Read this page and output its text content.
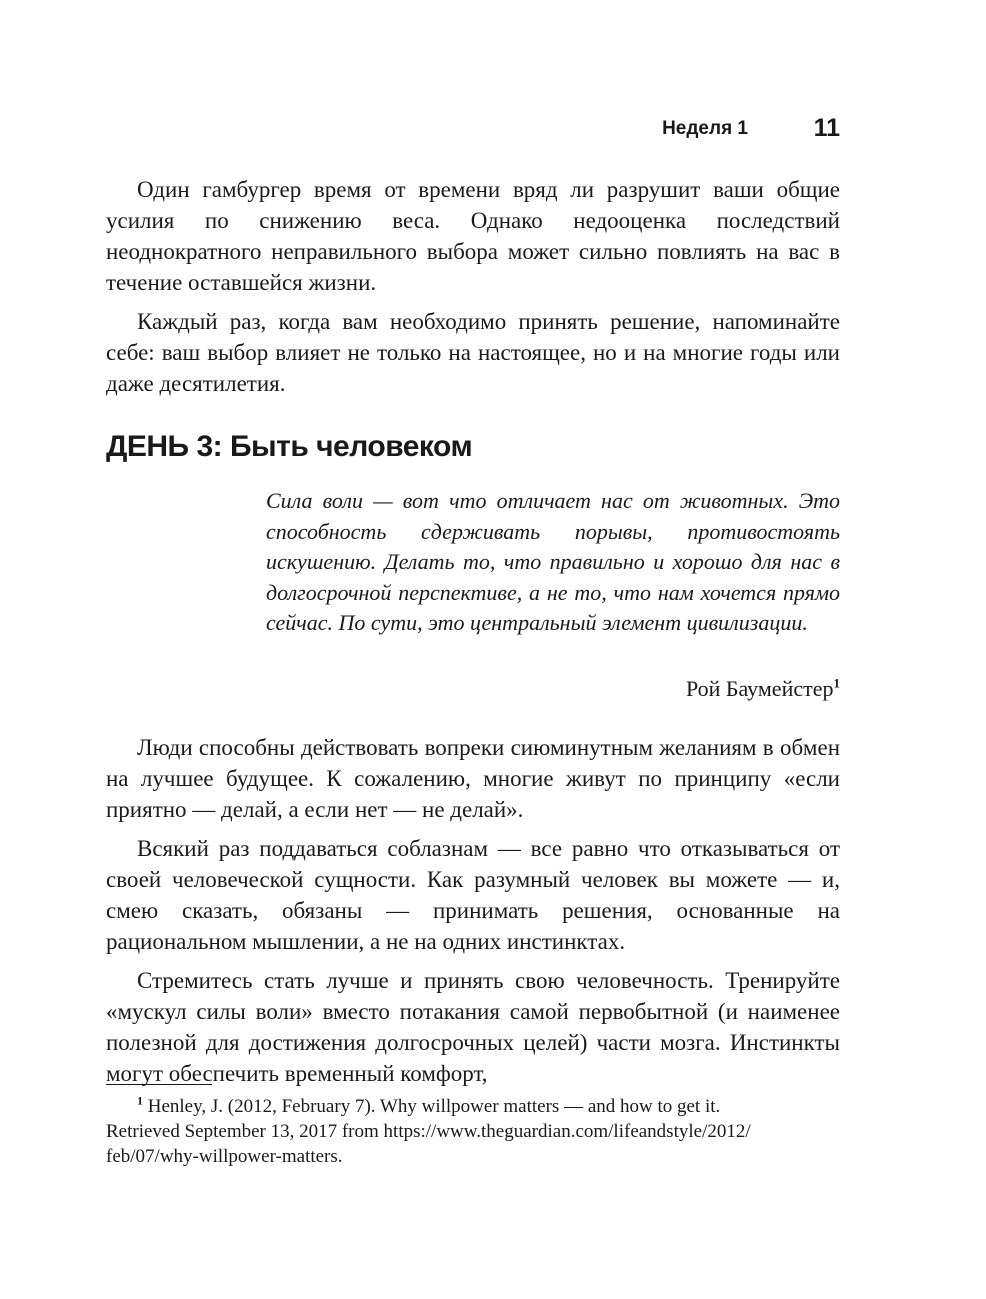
Неделя 1	11

Один гамбургер время от времени вряд ли разрушит ваши общие усилия по снижению веса. Однако недооценка последствий неоднократного неправильного выбора может сильно повлиять на вас в течение оставшейся жизни.

Каждый раз, когда вам необходимо принять решение, напоминайте себе: ваш выбор влияет не только на настоящее, но и на многие годы или даже десятилетия.

ДЕНЬ 3: Быть человеком
Сила воли — вот что отличает нас от животных. Это способность сдерживать порывы, противостоять искушению. Делать то, что правильно и хорошо для нас в долгосрочной перспективе, а не то, что нам хочется прямо сейчас. По сути, это центральный элемент цивилизации.
Рой Баумейстер$^1$

Люди способны действовать вопреки сиюминутным желаниям в обмен на лучшее будущее. К сожалению, многие живут по принципу «если приятно — делай, а если нет — не делай».

Всякий раз поддаваться соблазнам — все равно что отказываться от своей человеческой сущности. Как разумный человек вы можете — и, смею сказать, обязаны — принимать решения, основанные на рациональном мышлении, а не на одних инстинктах.

Стремитесь стать лучше и принять свою человечность. Тренируйте «мускул силы воли» вместо потакания самой первобытной (и наименее полезной для достижения долгосрочных целей) части мозга. Инстинкты могут обеспечить временный комфорт,

$^1$ Henley, J. (2012, February 7). Why willpower matters — and how to get it.
Retrieved September 13, 2017 from https://www.theguardian.com/lifeandstyle/2012/
feb/07/why-willpower-matters.
